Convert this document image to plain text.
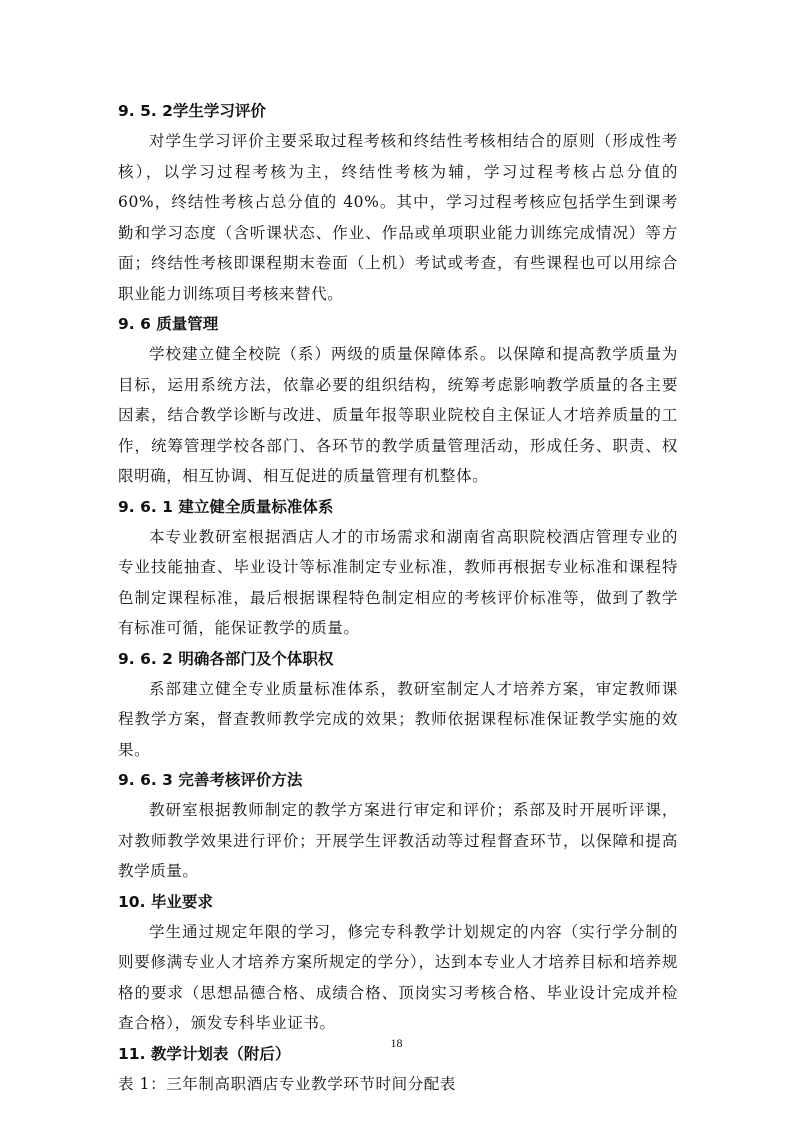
9. 5. 2学生学习评价

对学生学习评价主要采取过程考核和终结性考核相结合的原则（形成性考核），以学习过程考核为主，终结性考核为辅，学习过程考核占总分值的 60%，终结性考核占总分值的 40%。其中，学习过程考核应包括学生到课考勤和学习态度（含听课状态、作业、作品或单项职业能力训练完成情况）等方面；终结性考核即课程期末卷面（上机）考试或考查，有些课程也可以用综合职业能力训练项目考核来替代。

9. 6 质量管理

学校建立健全校院（系）两级的质量保障体系。以保障和提高教学质量为目标，运用系统方法，依靠必要的组织结构，统筹考虑影响教学质量的各主要因素，结合教学诊断与改进、质量年报等职业院校自主保证人才培养质量的工作，统筹管理学校各部门、各环节的教学质量管理活动，形成任务、职责、权限明确，相互协调、相互促进的质量管理有机整体。

9. 6. 1 建立健全质量标准体系

本专业教研室根据酒店人才的市场需求和湖南省高职院校酒店管理专业的专业技能抽查、毕业设计等标准制定专业标准，教师再根据专业标准和课程特色制定课程标准，最后根据课程特色制定相应的考核评价标准等，做到了教学有标准可循，能保证教学的质量。

9. 6. 2 明确各部门及个体职权

系部建立健全专业质量标准体系，教研室制定人才培养方案，审定教师课程教学方案，督查教师教学完成的效果；教师依据课程标准保证教学实施的效果。

9. 6. 3 完善考核评价方法

教研室根据教师制定的教学方案进行审定和评价；系部及时开展听评课，对教师教学效果进行评价；开展学生评教活动等过程督查环节，以保障和提高教学质量。

10. 毕业要求

学生通过规定年限的学习，修完专科教学计划规定的内容（实行学分制的则要修满专业人才培养方案所规定的学分），达到本专业人才培养目标和培养规格的要求（思想品德合格、成绩合格、顶岗实习考核合格、毕业设计完成并检查合格），颁发专科毕业证书。

11. 教学计划表（附后）

表 1：三年制高职酒店专业教学环节时间分配表

18
